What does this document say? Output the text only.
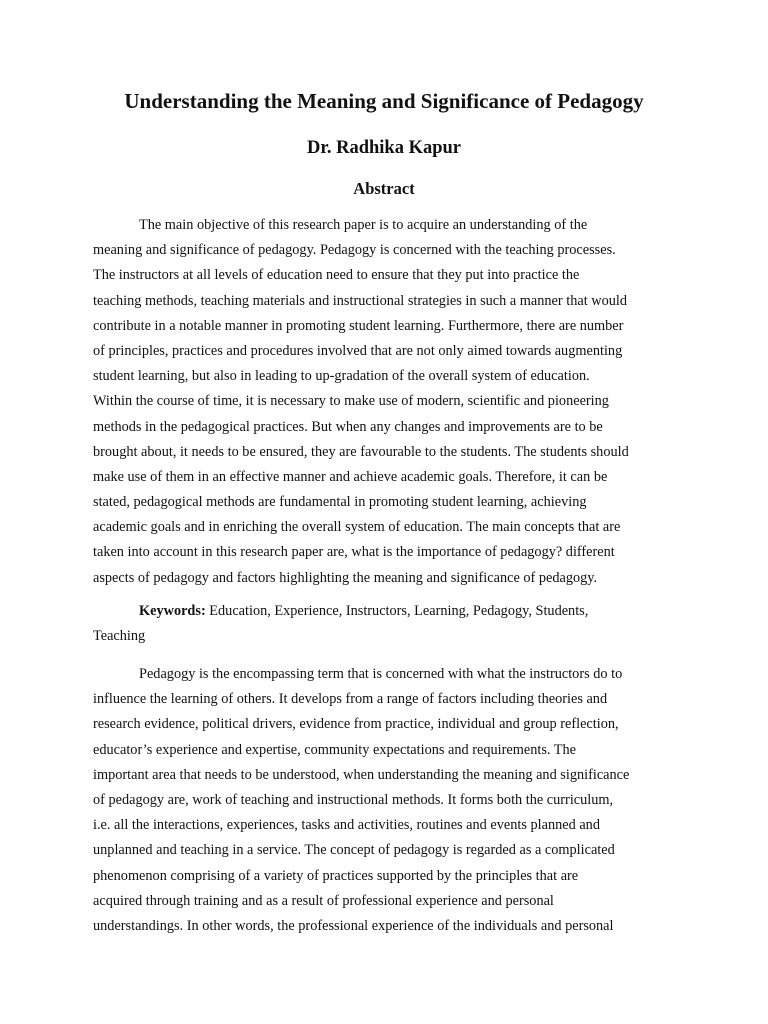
Understanding the Meaning and Significance of Pedagogy
Dr. Radhika Kapur
Abstract
The main objective of this research paper is to acquire an understanding of the
meaning and significance of pedagogy. Pedagogy is concerned with the teaching processes.
The instructors at all levels of education need to ensure that they put into practice the
teaching methods, teaching materials and instructional strategies in such a manner that would
contribute in a notable manner in promoting student learning. Furthermore, there are number
of principles, practices and procedures involved that are not only aimed towards augmenting
student learning, but also in leading to up-gradation of the overall system of education.
Within the course of time, it is necessary to make use of modern, scientific and pioneering
methods in the pedagogical practices. But when any changes and improvements are to be
brought about, it needs to be ensured, they are favourable to the students. The students should
make use of them in an effective manner and achieve academic goals. Therefore, it can be
stated, pedagogical methods are fundamental in promoting student learning, achieving
academic goals and in enriching the overall system of education. The main concepts that are
taken into account in this research paper are, what is the importance of pedagogy? different
aspects of pedagogy and factors highlighting the meaning and significance of pedagogy.
Keywords: Education, Experience, Instructors, Learning, Pedagogy, Students,
Teaching
Pedagogy is the encompassing term that is concerned with what the instructors do to
influence the learning of others. It develops from a range of factors including theories and
research evidence, political drivers, evidence from practice, individual and group reflection,
educator’s experience and expertise, community expectations and requirements. The
important area that needs to be understood, when understanding the meaning and significance
of pedagogy are, work of teaching and instructional methods. It forms both the curriculum,
i.e. all the interactions, experiences, tasks and activities, routines and events planned and
unplanned and teaching in a service. The concept of pedagogy is regarded as a complicated
phenomenon comprising of a variety of practices supported by the principles that are
acquired through training and as a result of professional experience and personal
understandings. In other words, the professional experience of the individuals and personal
